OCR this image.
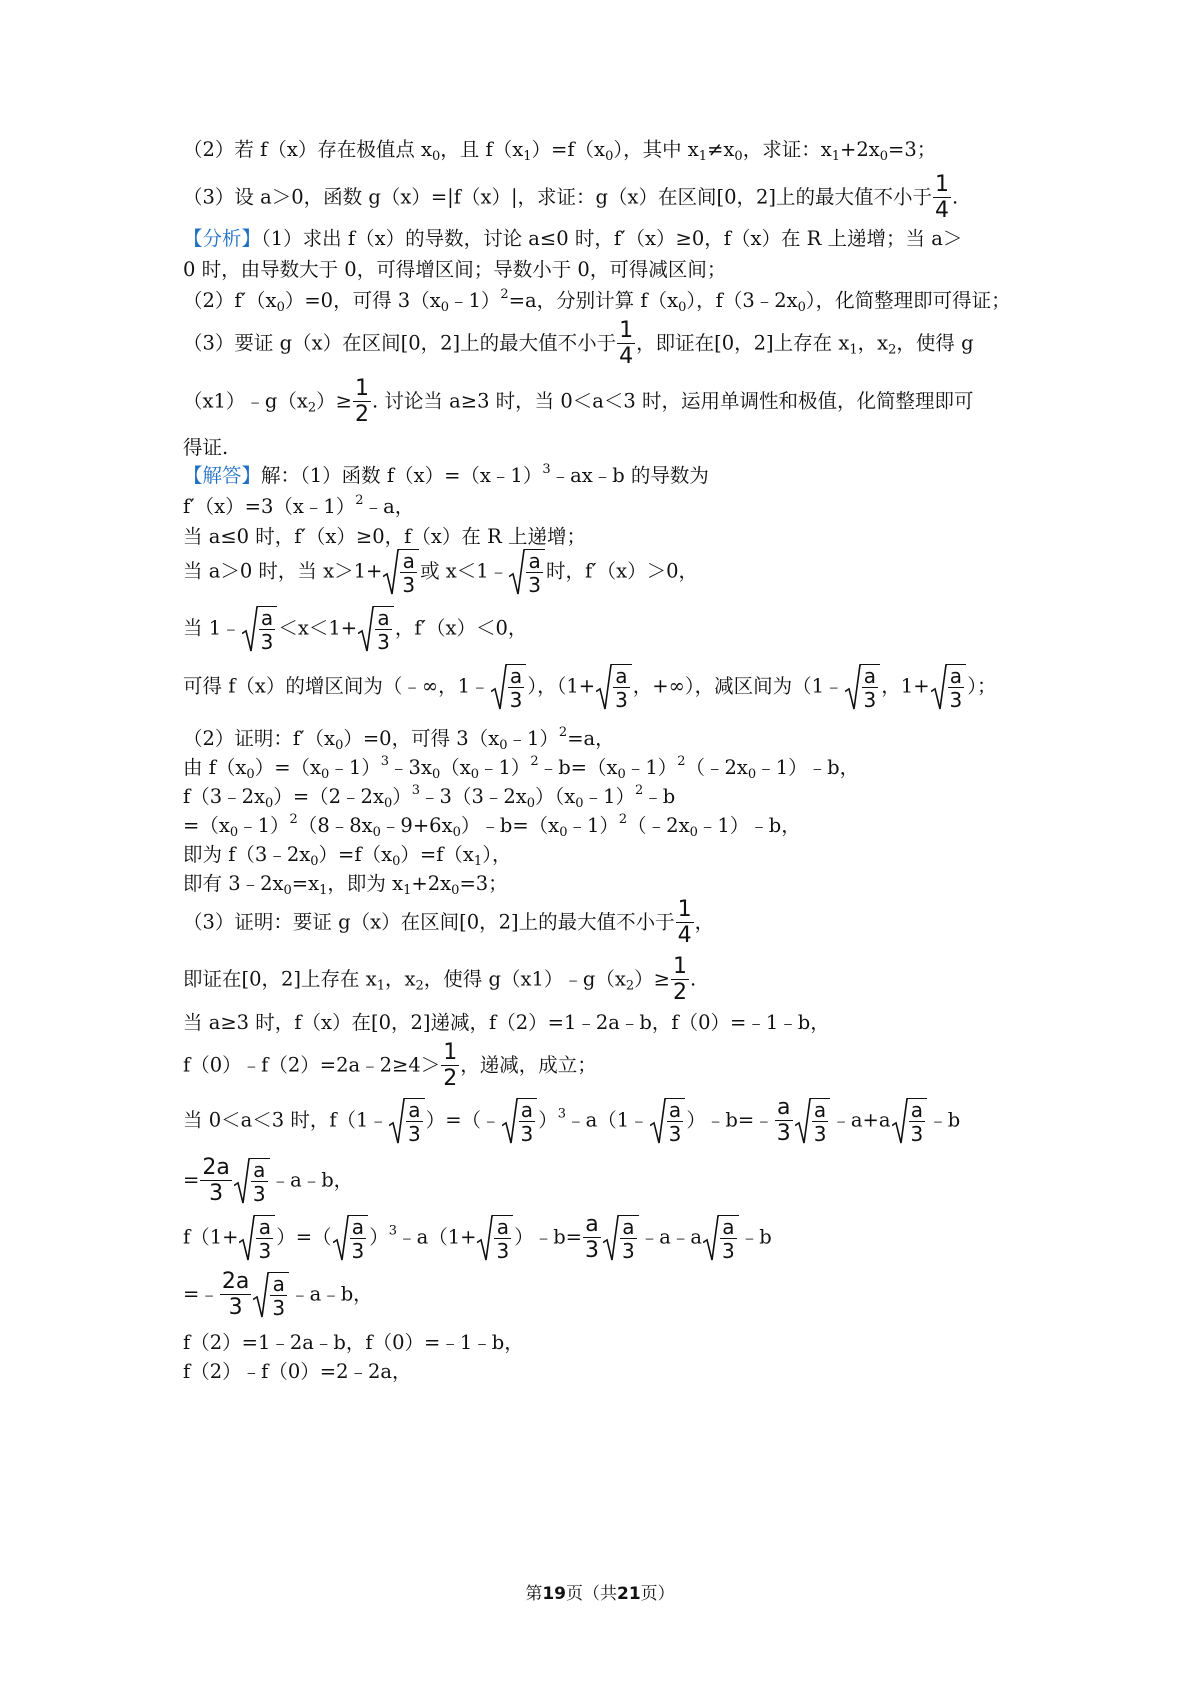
（2）若 f（x）存在极值点 $x_0$，且 $f(x_1)=f(x_0)$，其中 $x_1\ne x_0$，求证：$x_1+2x_0=3$；
（3）设 a＞0，函数 g（x）=|f（x）|，求证：g（x）在区间[0，2]上的最大值不小于 $\frac{1}{4}$ .
【分析】（1）求出 f（x）的导数，讨论 a≤0 时，f′（x）≥0，f（x）在 R 上递增；当 a＞
0 时，由导数大于 0，可得增区间；导数小于 0，可得减区间；
$(2)f'(x_0)=0$，可得 $3(x_0﹣1)^2=a$，分别计算 $f(x_0)$，$f(3﹣2x_0)$，化简整理即可得证；
（3）要证 g（x）在区间[0，2]上的最大值不小于 $\frac{1}{4}$ ，即证在[0，2]上存在 $x_1$，$x_2$，使得 g
$(x1)﹣g(x_2)\ge \frac{1}{2}$ . 讨论当 a≥3 时，当 0＜a＜3 时，运用单调性和极值，化简整理即可
得证.
【解答】解：（1）函数 f（x）=（x﹣1）$^3$﹣ax﹣b 的导数为
f′（x）=3（x﹣1）$^2$﹣a，
当 a≤0 时，f′（x）≥0，f（x）在 R 上递增；
当 a＞0 时，当 $x>1+ \frac{a}{3}$ 或 x＜1﹣ $\frac{a}{3}$ 时，f′（x）＞0，
当 1﹣ $\frac{a}{3} <x<1+ \frac{a}{3}$ ，f′（x）＜0，
可得 f（x）的增区间为（﹣∞，1﹣ $\frac{a}{3}$ ），（$1+ \frac{a}{3}$ ，+∞），减区间为（1﹣ $\frac{a}{3}$ ，$1+ \frac{a}{3}$ ）；
（2）证明：$f'(x_0)=0$，可得 $3(x_0﹣1)^2=a$，
由 $f(x_0)=(x_0﹣1)^3﹣3x_0(x_0﹣1)^2﹣b=(x_0﹣1)^2(﹣2x_0﹣1)﹣b$，
$f(3﹣2x_0)=(2﹣2x_0)^3﹣3(3﹣2x_0)(x_0﹣1)^2﹣b$
$=(x_0﹣1)^2(8﹣8x_0﹣9+6x_0)﹣b=(x_0﹣1)^2(﹣2x_0﹣1)﹣b$，
即为 $f(3﹣2x_0)=f(x_0)=f(x_1)$，
即有 $3﹣2x_0=x_1$，即为 $x_1+2x_0=3$；
（3）证明：要证 g（x）在区间[0，2]上的最大值不小于 $\frac{1}{4}$ ，
即证在[0，2]上存在 $x_1$，$x_2$，使得 $g(x1)﹣g(x_2)\ge \frac{1}{2}$ .
当 a≥3 时，f（x）在[0，2]递减，f（2）=1﹣2a﹣b，f（0）=﹣1﹣b，
f（0）﹣f（2）=2a﹣2≥4＞ $\frac{1}{2}$ ，递减，成立；
当 0＜a＜3 时，f（1﹣ $\frac{a}{3}$ ）=（﹣ $\frac{a}{3}$ ）$^3$﹣a（1﹣ $\frac{a}{3}$ ）﹣b=﹣ $\frac{a}{3} \frac{a}{3}$ ﹣a+a $\frac{a}{3}$ ﹣b
= $\frac{2a}{3} \frac{a}{3}$ ﹣a﹣b，
$f(1+ \frac{a}{3}$ ）=（ $\frac{a}{3}$ ）$^3$﹣a（1+ $\frac{a}{3}$ ）﹣b= $\frac{a}{3} \frac{a}{3}$ ﹣a﹣a $\frac{a}{3}$ ﹣b
=﹣ $\frac{2a}{3} \frac{a}{3}$ ﹣a﹣b，
f（2）=1﹣2a﹣b，f（0）=﹣1﹣b，
f（2）﹣f（0）=2﹣2a，
第19页（共21页）
